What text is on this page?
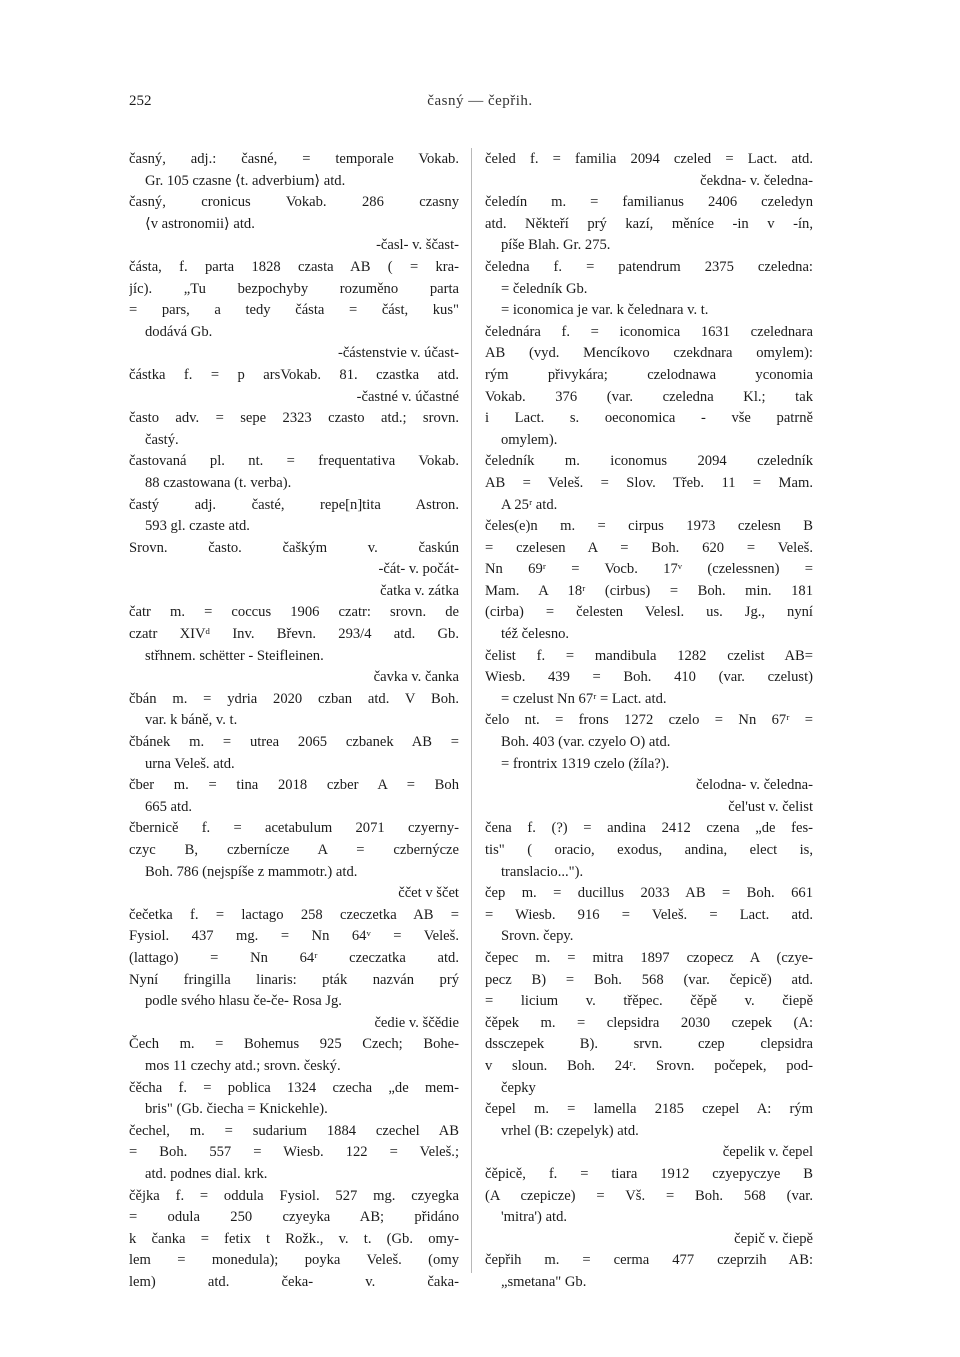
252	časný — čepřih.
časný, adj.: časné, = temporale Vokab.
Gr. 105 czasne ⟨t. adverbium⟩ atd.
časný, cronicus Vokab. 286 czasny
⟨v astronomii⟩ atd.
-časl- v. ščast-
částa, f. parta 1828 czasta AB ( = kra-
jíc). „Tu bezpochyby rozuměno parta
= pars, a tedy částa = část, kus"
dodává Gb.
-částenstvie v. účast-
částka f. = p arsVokab. 81. czastka atd.
-častné v. účastné
často adv. = sepe 2323 czasto atd.; srovn.
častý.
častovaná pl. nt. = frequentativa Vokab.
88 czastowana (t. verba).
častý adj. časté, repe[n]tita Astron.
593 gl. czaste atd.
Srovn. často. čaškým v. časkún
-čát- v. počát-
čatka v. zátka
čatr m. = coccus 1906 czatr: srovn. de
czatr XIVᵈ Inv. Břevn. 293/4 atd. Gb.
střhnem. schëtter - Steifleinen.
čavka v. čanka
čbán m. = ydria 2020 czban atd. V Boh.
var. k báně, v. t.
čbánek m. = utrea 2065 czbanek AB =
urna Veleš. atd.
čber m. = tina 2018 czber A = Boh
665 atd.
čbernicě f. = acetabulum 2071 czyerny-
czyc B, czbernícze A = czbernýcze
Boh. 786 (nejspíše z mammotr.) atd.
ččet v ščet
čečetka f. = lactago 258 czeczetka AB =
Fysiol. 437 mg. = Nn 64ᵛ = Veleš.
(lattago) = Nn 64ʳ czeczatka atd.
Nyní fringilla linaris: pták nazván prý
podle svého hlasu če-če- Rosa Jg.
čedie v. ščědie
Čech m. = Bohemus 925 Czech; Bohe-
mos 11 czechy atd.; srovn. český.
čěcha f. = poblica 1324 czecha „de mem-
bris" (Gb. čiecha = Knickehle).
čechel, m. = sudarium 1884 czechel AB
= Boh. 557 = Wiesb. 122 = Veleš.;
atd. podnes dial. krk.
čějka f. = oddula Fysiol. 527 mg. czyegka
= odula 250 czyeyka AB; přidáno
k čanka = fetix t Rožk., v. t. (Gb. omy-
lem = monedula); poyka Veleš. (omy
lem) atd. čeka- v. čaka-
čeled f. = familia 2094 czeled = Lact. atd.
čekdna- v. čeledna-
čeledín m. = familianus 2406 czeledyn
atd. Někteří prý kazí, měníce -in v -ín,
píše Blah. Gr. 275.
čeledna f. = patendrum 2375 czeledna:
= čeledník Gb.
= iconomica je var. k čelednara v. t.
čelednára f. = iconomica 1631 czelednara
AB (vyd. Mencíkovo czekdnara omylem):
rým přivykára; czelodnawa yconomia
Vokab. 376 (var. czeledna Kl.; tak
i Lact. s. oeconomica - vše patrně
omylem).
čeledník m. iconomus 2094 czeledník
AB = Veleš. = Slov. Třeb. 11 = Mam.
A 25ʳ atd.
čeles(e)n m. = cirpus 1973 czelesn B
= czelesen A = Boh. 620 = Veleš.
Nn 69ʳ = Vocb. 17ᵛ (czelessnen) =
Mam. A 18ʳ (cirbus) = Boh. min. 181
(cirba) = čelesten Velesl. us. Jg., nyní
též čelesno.
čelist f. = mandibula 1282 czelist AB=
Wiesb. 439 = Boh. 410 (var. czelust)
= czelust Nn 67ʳ = Lact. atd.
čelo nt. = frons 1272 czelo = Nn 67ʳ =
Boh. 403 (var. czyelo O) atd.
= frontrix 1319 czelo (žíla?).
čelodna- v. čeledna-
čel'ust v. čelist
čena f. (?) = andina 2412 czena „de fes-
tis" ( oracio, exodus, andina, elect is,
translacio...").
čep m. = ducillus 2033 AB = Boh. 661
= Wiesb. 916 = Veleš. = Lact. atd.
Srovn. čepy.
čepec m. = mitra 1897 czopecz A (czye-
pecz B) = Boh. 568 (var. čepicě) atd.
= licium v. třěpec. čěpě v. čiepě
čěpek m. = clepsidra 2030 czepek (A:
dssczepek B). srvn. czep clepsidra
v sloun. Boh. 24ʳ. Srovn. počepek, pod-
čepky
čepel m. = lamella 2185 czepel A: rým
vrhel (B: czepelyk) atd.
čepelik v. čepel
čěpicě, f. = tiara 1912 czyepyczye B
(A czepicze) = Vš. = Boh. 568 (var.
'mitra') atd.
čepič v. čiepě
čepřih m. = cerma 477 czeprzih AB:
„smetana" Gb.
